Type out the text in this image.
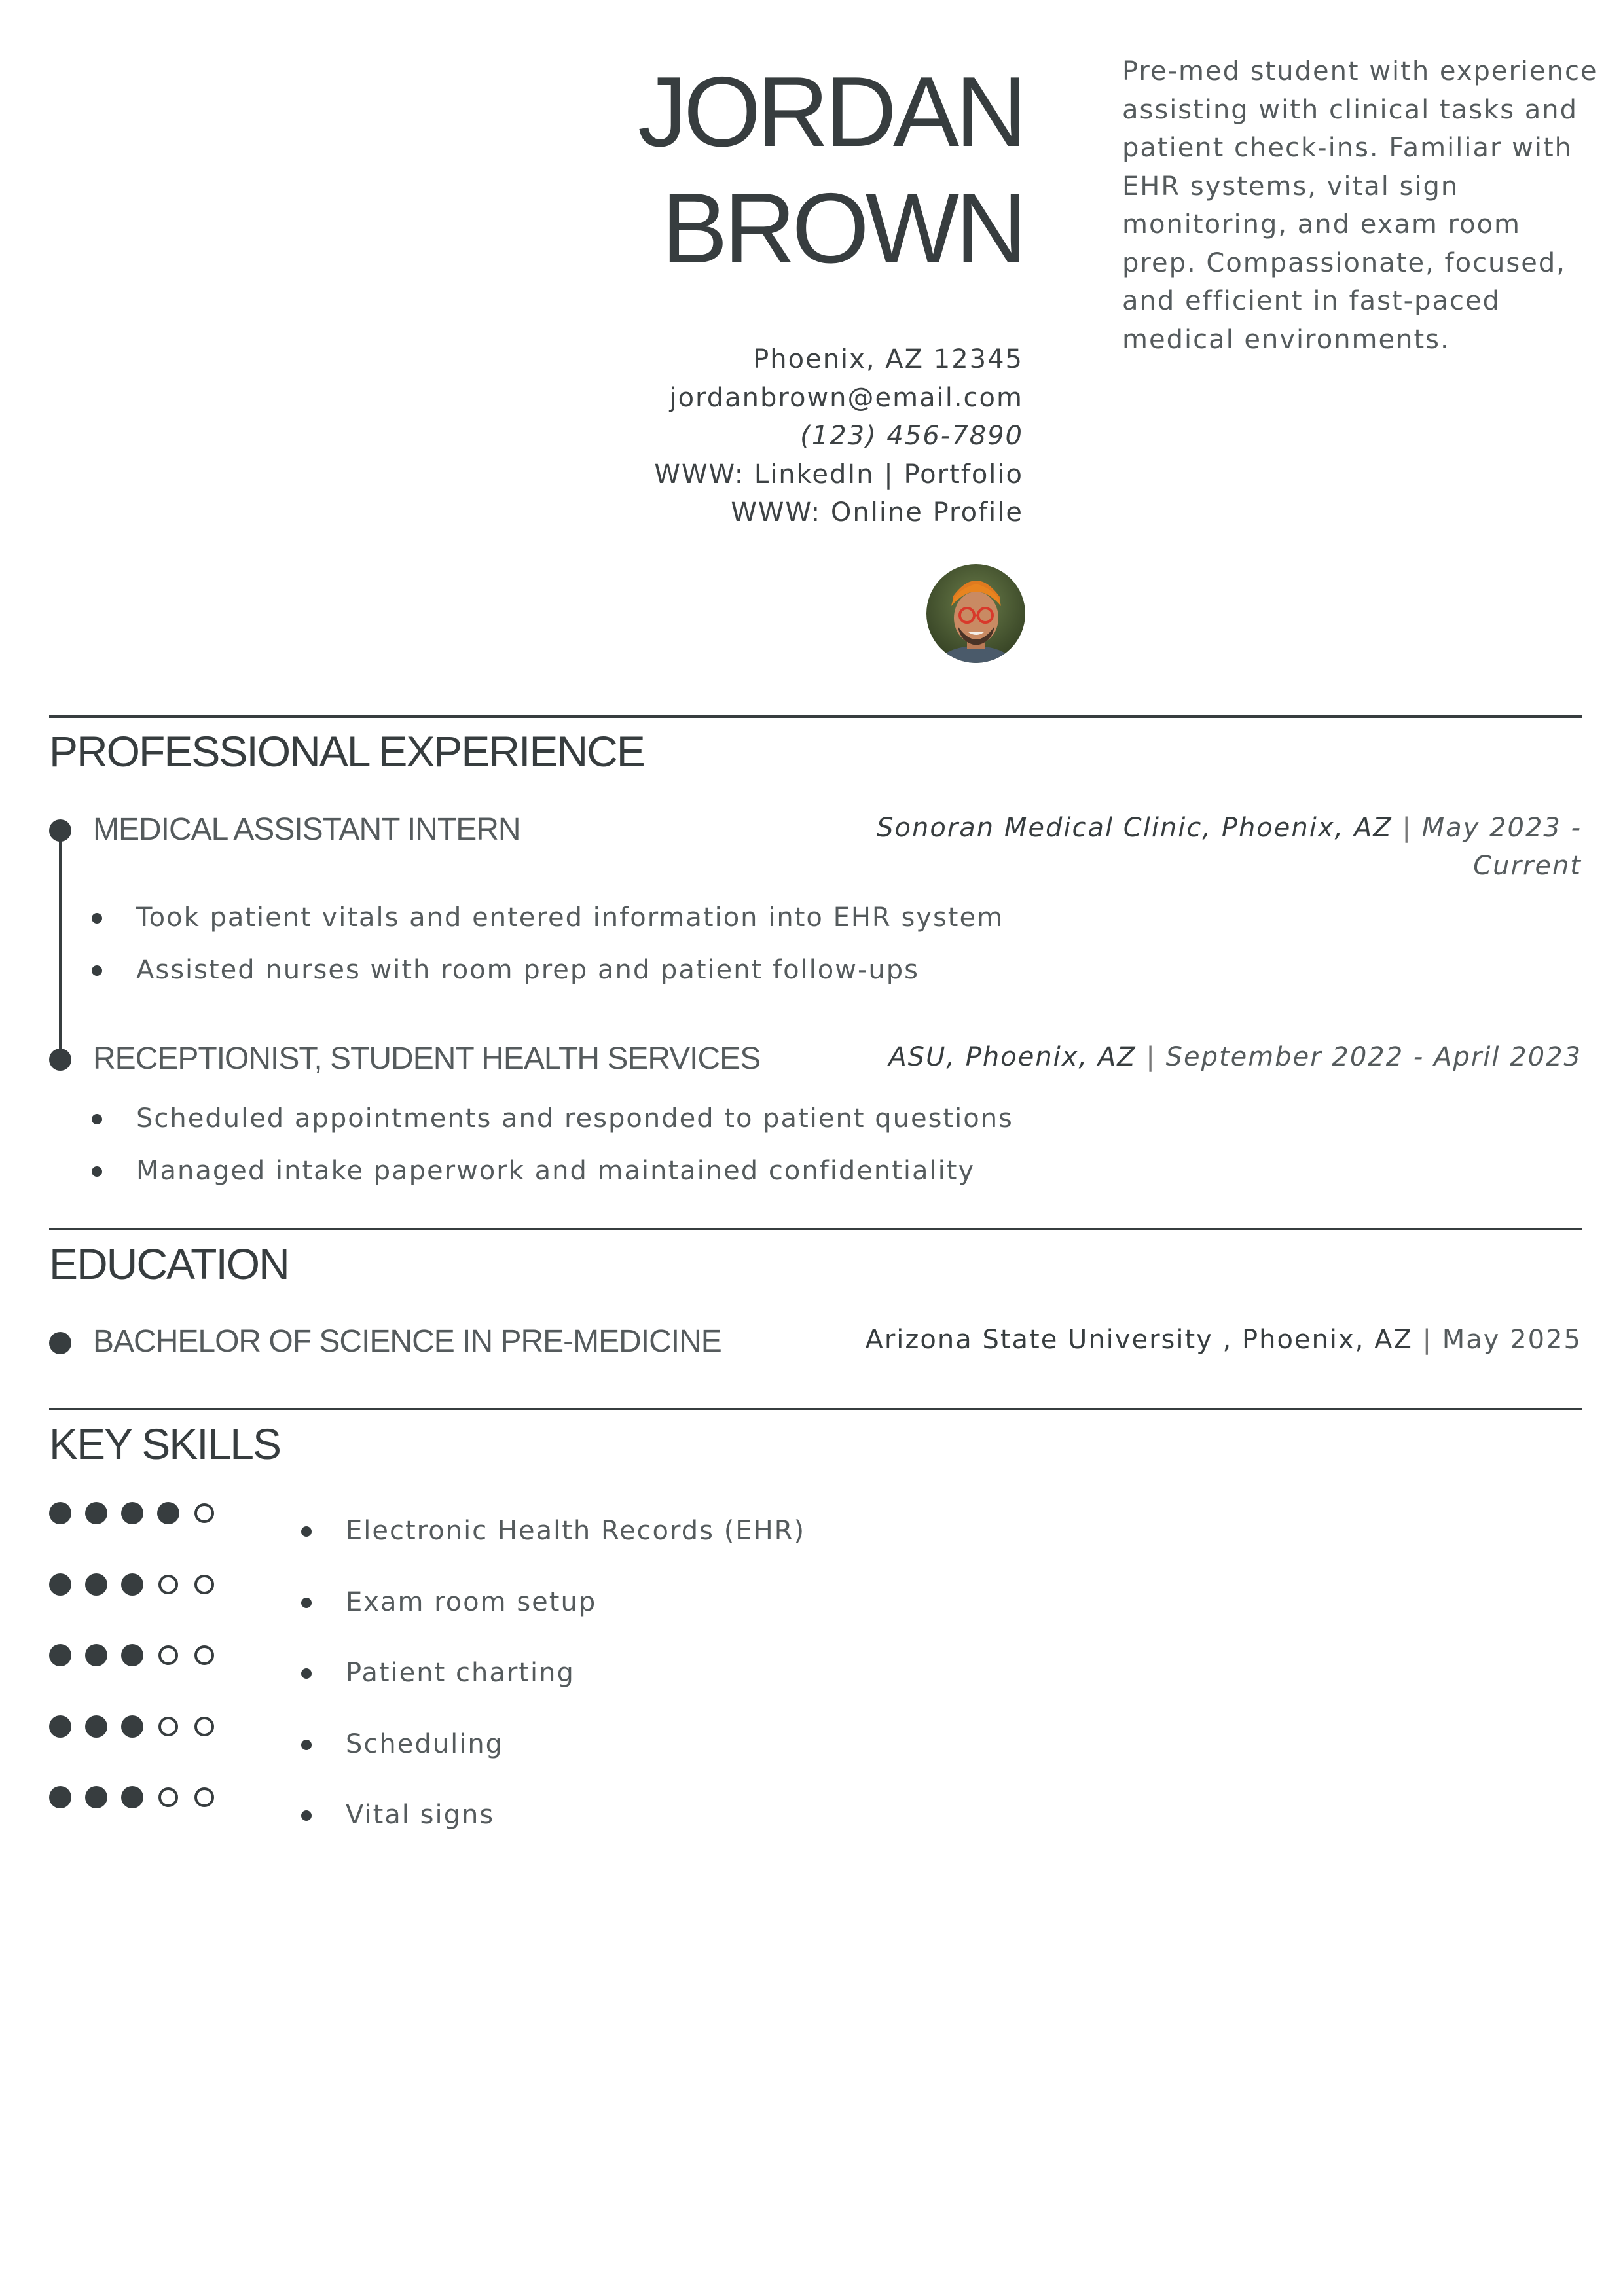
JORDAN
BROWN
Pre-med student with experience
assisting with clinical tasks and
patient check-ins. Familiar with
EHR systems, vital sign
monitoring, and exam room
prep. Compassionate, focused,
and efficient in fast-paced
medical environments.
Phoenix, AZ 12345
jordanbrown@email.com
(123) 456-7890
WWW: LinkedIn | Portfolio
WWW: Online Profile
PROFESSIONAL EXPERIENCE
MEDICAL ASSISTANT INTERN	Sonoran Medical Clinic, Phoenix, AZ | May 2023 -
Current
Took patient vitals and entered information into EHR system
Assisted nurses with room prep and patient follow-ups
RECEPTIONIST, STUDENT HEALTH SERVICES	ASU, Phoenix, AZ | September 2022 - April 2023
Scheduled appointments and responded to patient questions
Managed intake paperwork and maintained confidentiality
EDUCATION
BACHELOR OF SCIENCE IN PRE-MEDICINE	Arizona State University , Phoenix, AZ | May 2025
KEY SKILLS
Electronic Health Records (EHR)
Exam room setup
Patient charting
Scheduling
Vital signs
